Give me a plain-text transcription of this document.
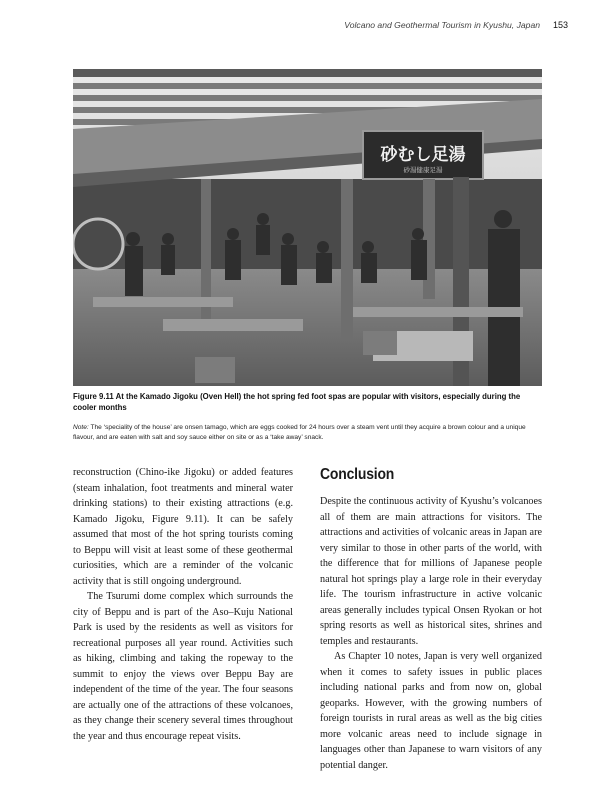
Volcano and Geothermal Tourism in Kyushu, Japan 153
砂むし足湯
砂湯健康足湯
Figure 9.11 At the Kamado Jigoku (Oven Hell) the hot spring fed foot spas are popular with visitors, especially during the cooler months
Note: The ‘speciality of the house’ are onsen tamago, which are eggs cooked for 24 hours over a steam vent until they acquire a brown colour and a unique flavour, and are eaten with salt and soy sauce either on site or as a ‘take away’ snack.

reconstruction (Chino-ike Jigoku) or added features (steam inhalation, foot treatments and mineral water drinking stations) to their existing attractions (e.g. Kamado Jigoku, Figure 9.11). It can be safely assumed that most of the hot spring tourists coming to Beppu will visit at least some of these geothermal curiosities, which are a reminder of the volcanic activity that is still ongoing underground.

The Tsurumi dome complex which surrounds the city of Beppu and is part of the Aso–Kuju National Park is used by the residents as well as visitors for recreational purposes all year round. Activities such as hiking, climbing and taking the ropeway to the summit to enjoy the views over Beppu Bay are independent of the time of the year. The four seasons are actually one of the attractions of these volcanoes, as they change their scenery several times throughout the year and thus encourage repeat visits.

Conclusion

Despite the continuous activity of Kyushu’s volcanoes all of them are main attractions for visitors. The attractions and activities of volcanic areas in Japan are very similar to those in other parts of the world, with the difference that for millions of Japanese people natural hot springs play a large role in their everyday life. The tourism infrastructure in active volcanic areas generally includes typical Onsen Ryokan or hot spring resorts as well as historical sites, shrines and temples and restaurants.

As Chapter 10 notes, Japan is very well organized when it comes to safety issues in public places including national parks and from now on, global geoparks. However, with the growing numbers of foreign tourists in rural areas as well as the big cities more volcanic areas need to include signage in languages other than Japanese to warn visitors of any potential danger.
